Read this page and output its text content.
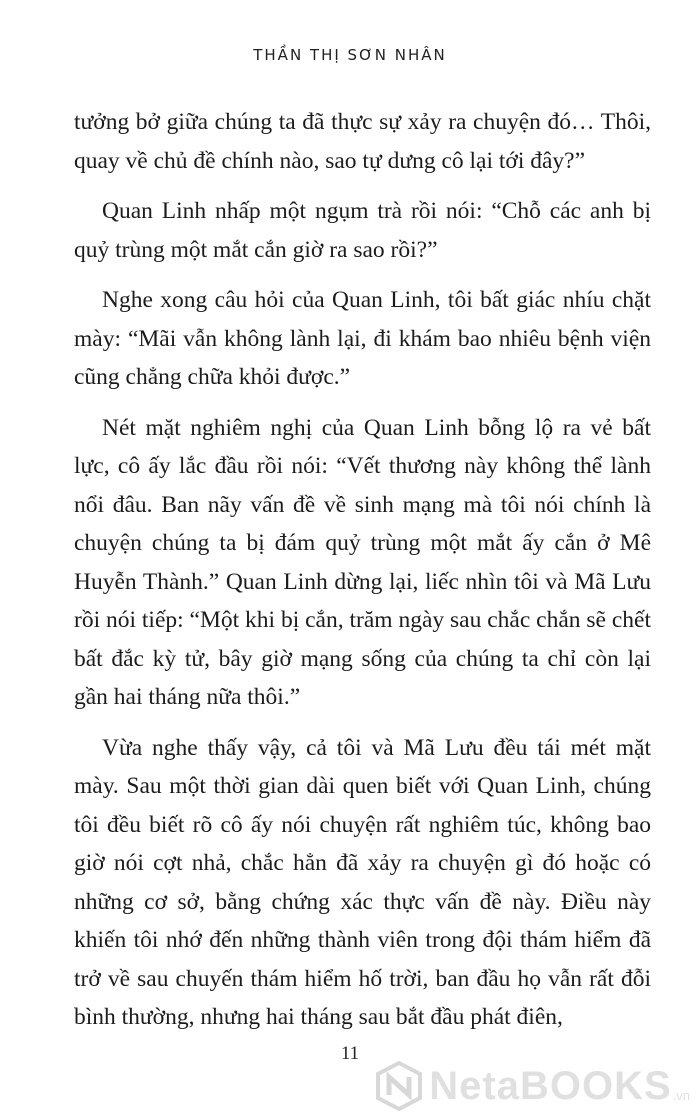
THẦN THỊ SƠN NHÂN

tưởng bở giữa chúng ta đã thực sự xảy ra chuyện đó… Thôi, quay về chủ đề chính nào, sao tự dưng cô lại tới đây?”

Quan Linh nhấp một ngụm trà rồi nói: “Chỗ các anh bị quỷ trùng một mắt cắn giờ ra sao rồi?”

Nghe xong câu hỏi của Quan Linh, tôi bất giác nhíu chặt mày: “Mãi vẫn không lành lại, đi khám bao nhiêu bệnh viện cũng chẳng chữa khỏi được.”

Nét mặt nghiêm nghị của Quan Linh bỗng lộ ra vẻ bất lực, cô ấy lắc đầu rồi nói: “Vết thương này không thể lành nổi đâu. Ban nãy vấn đề về sinh mạng mà tôi nói chính là chuyện chúng ta bị đám quỷ trùng một mắt ấy cắn ở Mê Huyễn Thành.” Quan Linh dừng lại, liếc nhìn tôi và Mã Lưu rồi nói tiếp: “Một khi bị cắn, trăm ngày sau chắc chắn sẽ chết bất đắc kỳ tử, bây giờ mạng sống của chúng ta chỉ còn lại gần hai tháng nữa thôi.”

Vừa nghe thấy vậy, cả tôi và Mã Lưu đều tái mét mặt mày. Sau một thời gian dài quen biết với Quan Linh, chúng tôi đều biết rõ cô ấy nói chuyện rất nghiêm túc, không bao giờ nói cợt nhả, chắc hẳn đã xảy ra chuyện gì đó hoặc có những cơ sở, bằng chứng xác thực vấn đề này. Điều này khiến tôi nhớ đến những thành viên trong đội thám hiểm đã trở về sau chuyến thám hiểm hố trời, ban đầu họ vẫn rất đỗi bình thường, nhưng hai tháng sau bắt đầu phát điên,

11
NetaBOOKS .vn
